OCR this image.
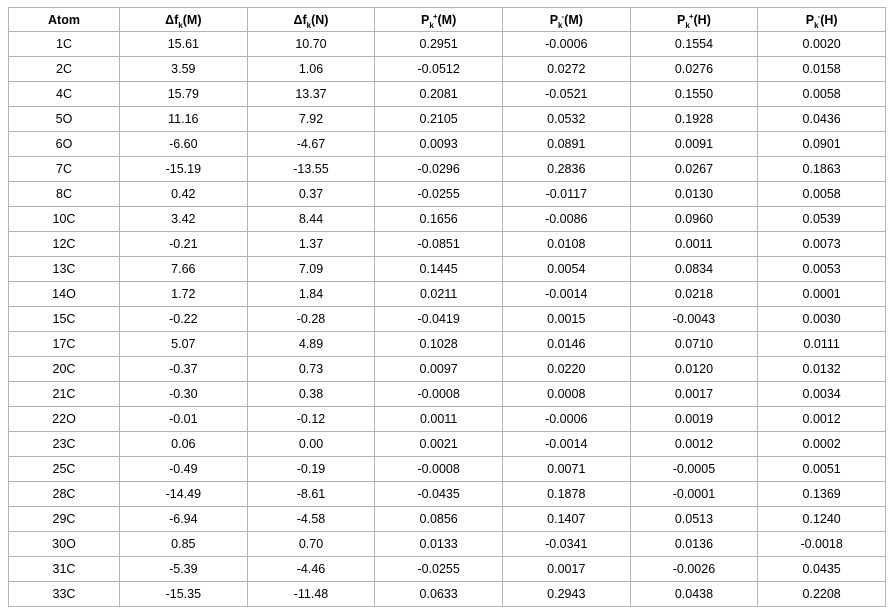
Atom	$\Delta f_k(M)$	$\Delta f_k(N)$	$P_k^+(M)$	$P_k^-(M)$	$P_k^+(H)$	$P_k^-(H)$
1C	15.61	10.70	0.2951	-0.0006	0.1554	0.0020
2C	3.59	1.06	-0.0512	0.0272	0.0276	0.0158
4C	15.79	13.37	0.2081	-0.0521	0.1550	0.0058
5O	11.16	7.92	0.2105	0.0532	0.1928	0.0436
6O	-6.60	-4.67	0.0093	0.0891	0.0091	0.0901
7C	-15.19	-13.55	-0.0296	0.2836	0.0267	0.1863
8C	0.42	0.37	-0.0255	-0.0117	0.0130	0.0058
10C	3.42	8.44	0.1656	-0.0086	0.0960	0.0539
12C	-0.21	1.37	-0.0851	0.0108	0.0011	0.0073
13C	7.66	7.09	0.1445	0.0054	0.0834	0.0053
14O	1.72	1.84	0.0211	-0.0014	0.0218	0.0001
15C	-0.22	-0.28	-0.0419	0.0015	-0.0043	0.0030
17C	5.07	4.89	0.1028	0.0146	0.0710	0.0111
20C	-0.37	0.73	0.0097	0.0220	0.0120	0.0132
21C	-0.30	0.38	-0.0008	0.0008	0.0017	0.0034
22O	-0.01	-0.12	0.0011	-0.0006	0.0019	0.0012
23C	0.06	0.00	0.0021	-0.0014	0.0012	0.0002
25C	-0.49	-0.19	-0.0008	0.0071	-0.0005	0.0051
28C	-14.49	-8.61	-0.0435	0.1878	-0.0001	0.1369
29C	-6.94	-4.58	0.0856	0.1407	0.0513	0.1240
30O	0.85	0.70	0.0133	-0.0341	0.0136	-0.0018
31C	-5.39	-4.46	-0.0255	0.0017	-0.0026	0.0435
33C	-15.35	-11.48	0.0633	0.2943	0.0438	0.2208
